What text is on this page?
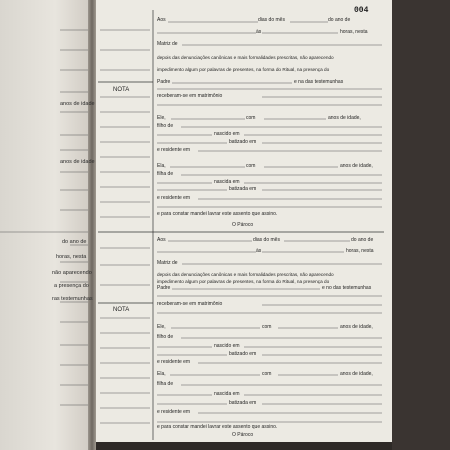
do ano de
horas, nesta
não aparecendo
a presença do
ras testemunhas
anos de idade
anos de idade
NOTA
NOTA
004
Aos	dias do mês	do ano de
às	horas, nesta
Matriz de
depois das denunciações canônicas e mais formalidades prescritas, não aparecendo
impedimento algum por palavras de presentes, na forma do Ritual, na presença do
Padre	e na das testemunhas
receberam-se em matrimônio
Ele,	com	anos de idade,
filho de
nascido em
batizado em
e residente em
Ela,	com	anos de idade,
filha de
nascida em
batizada em
e residente em
e para constar mandei lavrar este assento que assino.
O Pároco
Aos	dias do mês	do ano de
às	horas, nesta
Matriz de
depois das denunciações canônicas e mais formalidades prescritas, não aparecendo
impedimento algum por palavras de presentes, na forma do Ritual, na presença do
Padre	e no das testemunhas
receberam-se em matrimônio
Ele,	com	anos de idade,
filho de
nascido em
batizado em
e residente em
Ela,	com	anos de idade,
filha de
nascida em
batizada em
e residente em
e para constar mandei lavrar este assento que assino.
O Pároco
